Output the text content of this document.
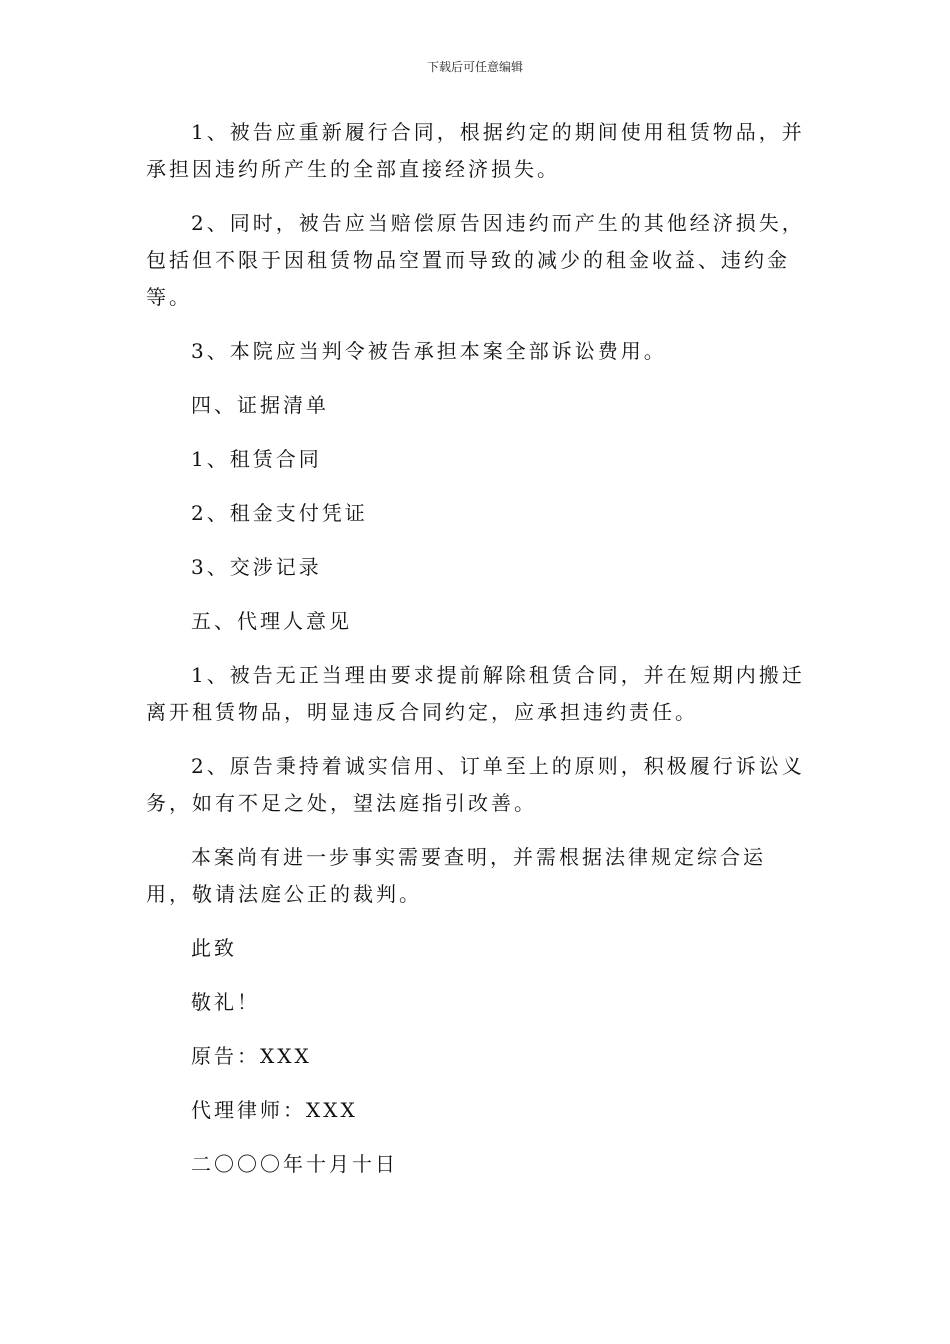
下载后可任意编辑

1、被告应重新履行合同，根据约定的期间使用租赁物品，并承担因违约所产生的全部直接经济损失。

2、同时，被告应当赔偿原告因违约而产生的其他经济损失，包括但不限于因租赁物品空置而导致的减少的租金收益、违约金等。

3、本院应当判令被告承担本案全部诉讼费用。

四、证据清单

1、租赁合同

2、租金支付凭证

3、交涉记录

五、代理人意见

1、被告无正当理由要求提前解除租赁合同，并在短期内搬迁离开租赁物品，明显违反合同约定，应承担违约责任。

2、原告秉持着诚实信用、订单至上的原则，积极履行诉讼义务，如有不足之处，望法庭指引改善。

本案尚有进一步事实需要查明，并需根据法律规定综合运用，敬请法庭公正的裁判。

此致

敬礼！

原告：XXX

代理律师：XXX

二〇〇〇年十月十日
